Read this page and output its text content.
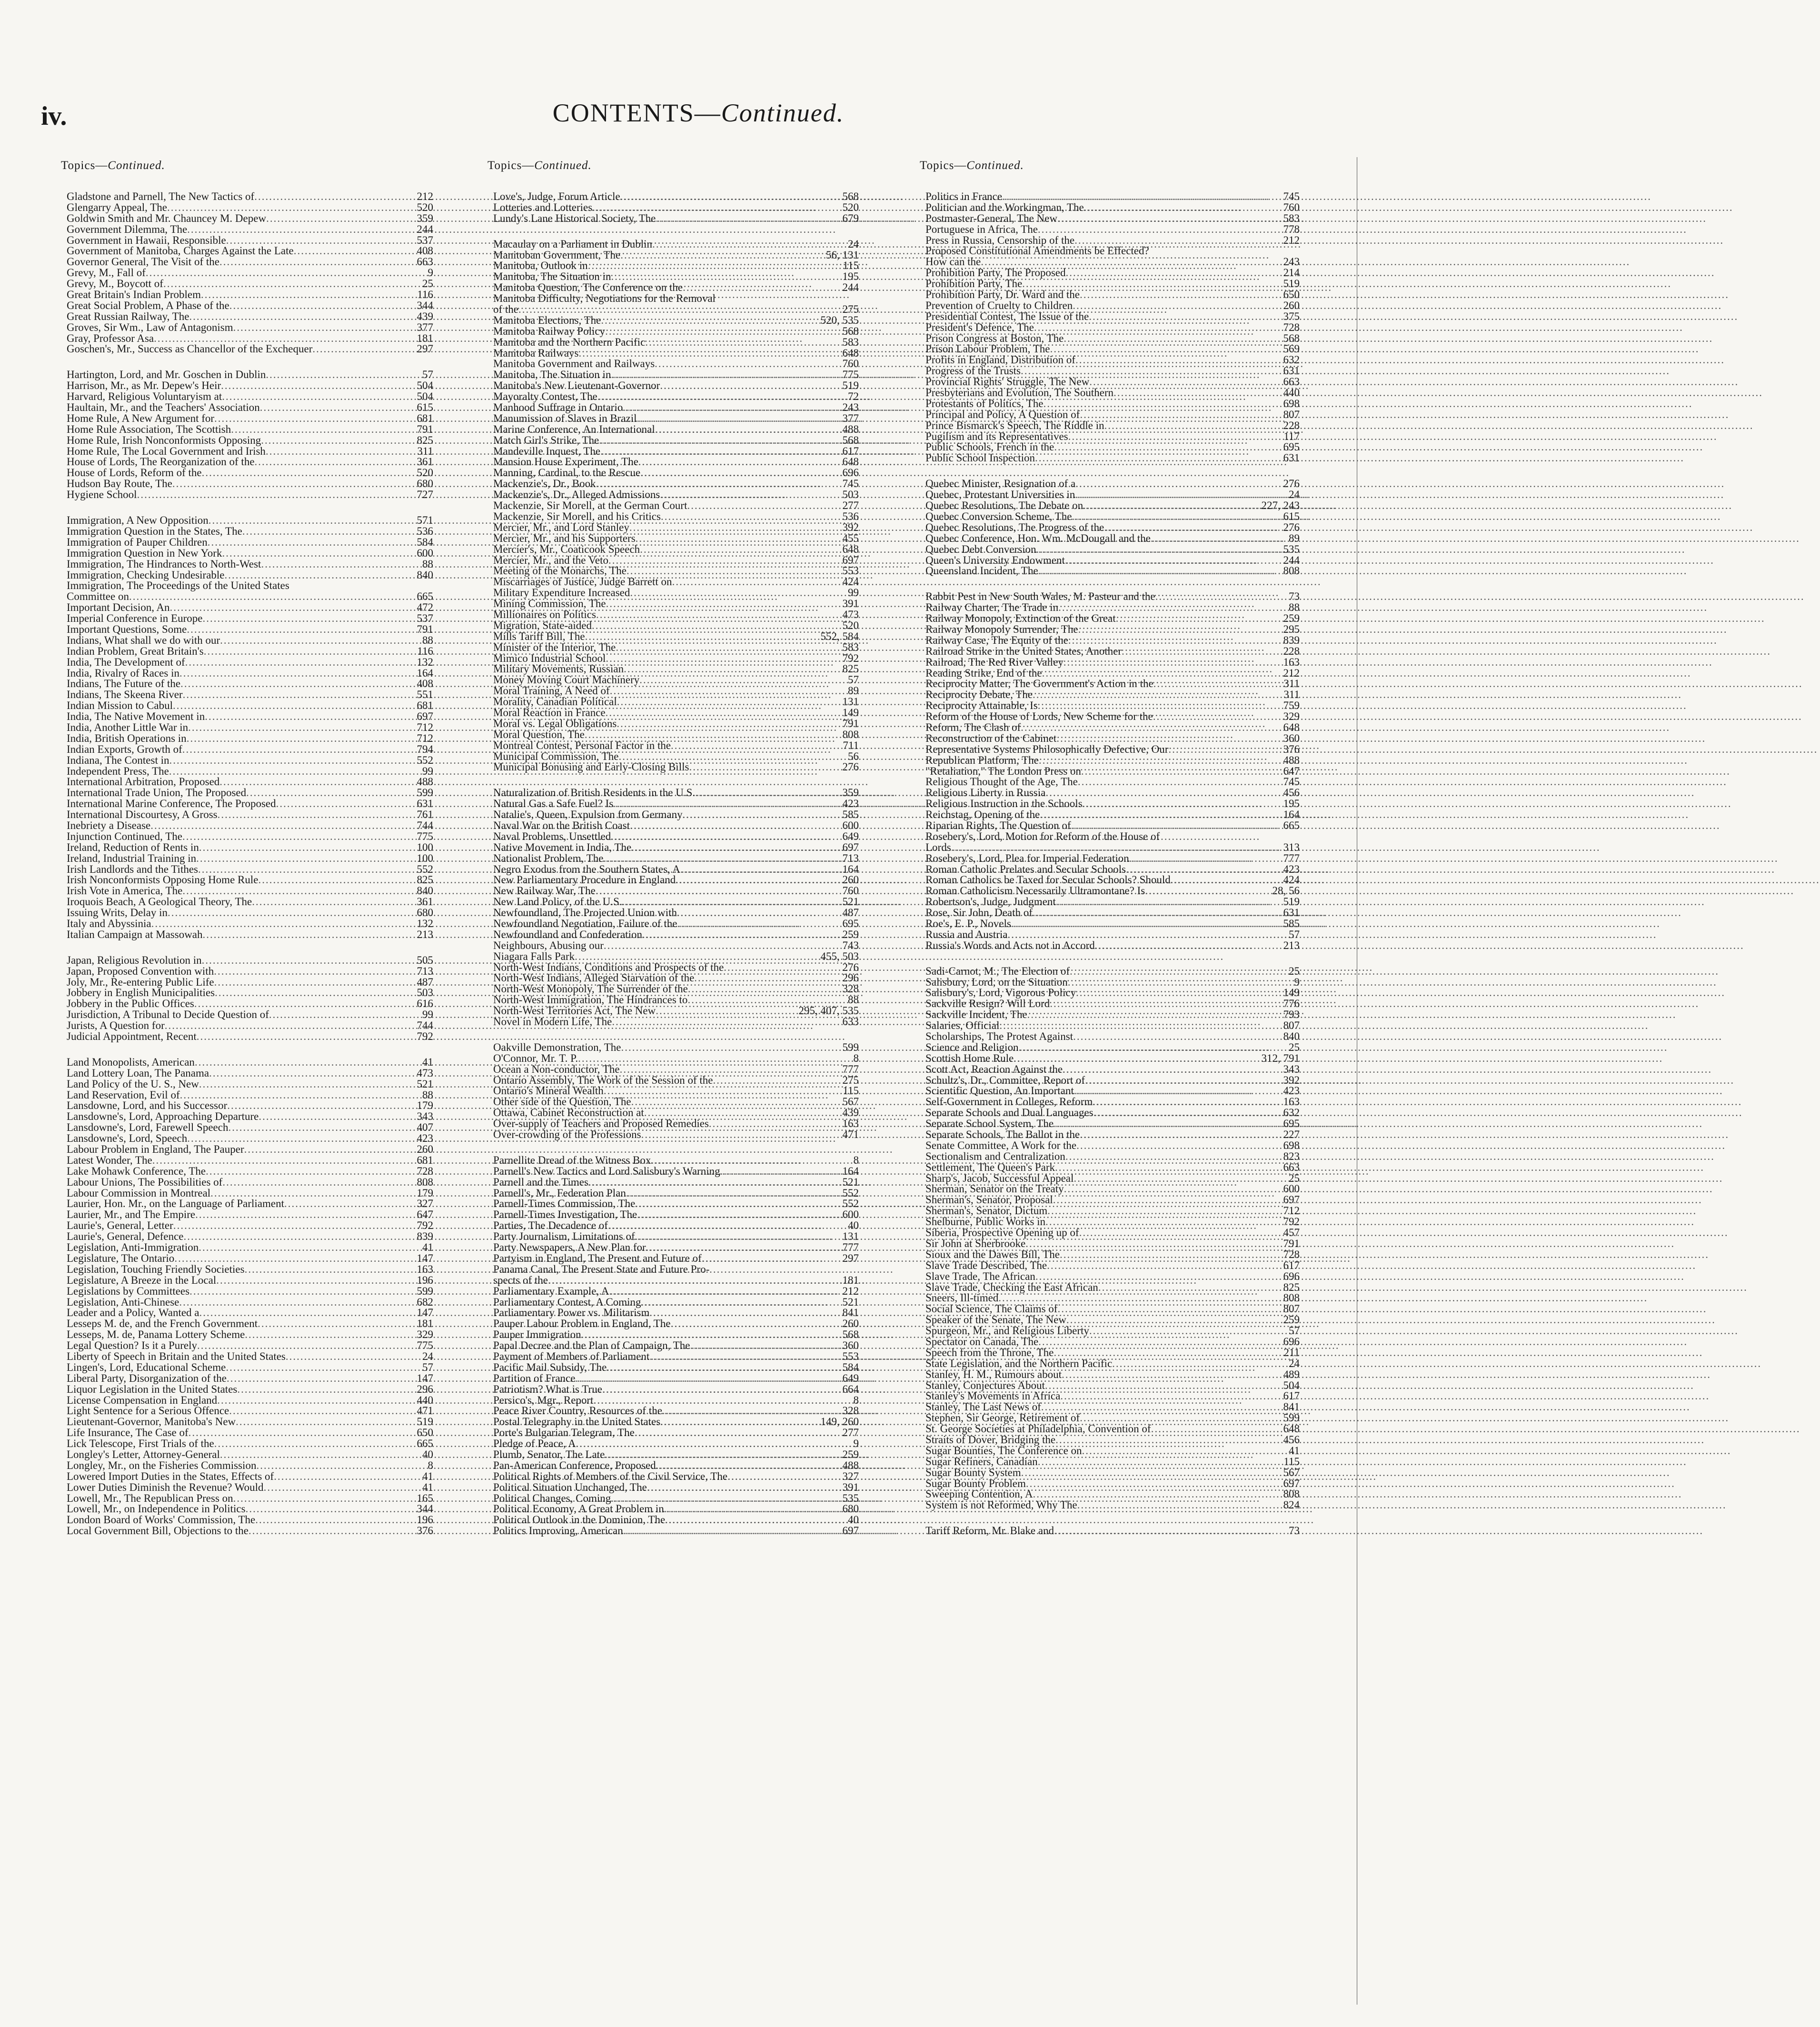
iv.	CONTENTS—Continued.
Topics—Continued.
Gladstone and Parnell, The New Tactics of .....	212
Glengarry Appeal, The .....	520
Goldwin Smith and Mr. Chauncey M. Depew .....	359
Government Dilemma, The .....	244
Government in Hawaii, Responsible .....	537
Government of Manitoba, Charges Against the Late .....	408
Governor General, The Visit of the .....	663
Grevy, M., Fall of .....	9
Grevy, M., Boycott of .....	25
Great Britain's Indian Problem .....	116
Great Social Problem, A Phase of the .....	344
Great Russian Railway, The .....	439
Groves, Sir Wm., Law of Antagonism .....	377
Gray, Professor Asa .....	181
Goschen's, Mr., Success as Chancellor of the Exchequer .....	297
Hartington, Lord, and Mr. Goschen in Dublin .....	57
Harrison, Mr., as Mr. Depew's Heir .....	504
Harvard, Religious Voluntaryism at .....	504
Haultain, Mr., and the Teachers' Association .....	615
Home Rule, A New Argument for .....	681
Home Rule Association, The Scottish .....	791
Home Rule, Irish Nonconformists Opposing .....	825
Home Rule, The Local Government and Irish .....	311
House of Lords, The Reorganization of the .....	361
House of Lords, Reform of the .....	520
Hudson Bay Route, The .....	680
Hygiene School .....	727
Immigration, A New Opposition .....	571
Immigration Question in the States, The .....	536
Immigration of Pauper Children .....	584
Immigration Question in New York .....	600
Immigration, The Hindrances to North-West .....	88
Immigration, Checking Undesirable .....	840
Immigration, The Proceedings of the United States
Committee on .....	665
Important Decision, An .....	472
Imperial Conference in Europe .....	537
Important Questions, Some .....	791
Indians, What shall we do with our .....	88
Indian Problem, Great Britain's .....	116
India, The Development of .....	132
India, Rivalry of Races in .....	164
Indians, The Future of the .....	408
Indians, The Skeena River .....	551
Indian Mission to Cabul .....	681
India, The Native Movement in .....	697
India, Another Little War in .....	712
India, British Operations in .....	712
Indian Exports, Growth of .....	794
Indiana, The Contest in .....	552
Independent Press, The .....	99
International Arbitration, Proposed .....	488
International Trade Union, The Proposed .....	599
International Marine Conference, The Proposed .....	631
International Discourtesy, A Gross .....	761
Inebriety a Disease .....	744
Injunction Continued, The .....	775
Ireland, Reduction of Rents in .....	100
Ireland, Industrial Training in .....	100
Irish Landlords and the Tithes .....	552
Irish Nonconformists Opposing Home Rule .....	825
Irish Vote in America, The .....	840
Iroquois Beach, A Geological Theory, The .....	361
Issuing Writs, Delay in .....	680
Italy and Abyssinia .....	132
Italian Campaign at Massowah .....	213
Japan, Religious Revolution in .....	505
Japan, Proposed Convention with .....	713
Joly, Mr., Re-entering Public Life .....	487
Jobbery in English Municipalities .....	503
Jobbery in the Public Offices .....	616
Jurisdiction, A Tribunal to Decide Question of .....	99
Jurists, A Question for .....	744
Judicial Appointment, Recent .....	792
Land Monopolists, American .....	41
Land Lottery Loan, The Panama .....	473
Land Policy of the U. S., New .....	521
Land Reservation, Evil of .....	88
Lansdowne, Lord, and his Successor .....	179
Lansdowne's, Lord, Approaching Departure .....	343
Lansdowne's, Lord, Farewell Speech .....	407
Lansdowne's, Lord, Speech .....	423
Labour Problem in England, The Pauper .....	260
Latest Wonder, The .....	681
Lake Mohawk Conference, The .....	728
Labour Unions, The Possibilities of .....	808
Labour Commission in Montreal .....	179
Laurier, Hon. Mr., on the Language of Parliament .....	327
Laurier, Mr., and The Empire .....	647
Laurie's, General, Letter .....	792
Laurie's, General, Defence .....	839
Legislation, Anti-Immigration .....	41
Legislature, The Ontario .....	147
Legislation, Touching Friendly Societies .....	163
Legislature, A Breeze in the Local .....	196
Legislations by Committees .....	599
Legislation, Anti-Chinese .....	682
Leader and a Policy, Wanted a .....	147
Lesseps M. de, and the French Government .....	181
Lesseps, M. de, Panama Lottery Scheme .....	329
Legal Question? Is it a Purely .....	775
Liberty of Speech in Britain and the United States .....	24
Lingen's, Lord, Educational Scheme .....	57
Liberal Party, Disorganization of the .....	147
Liquor Legislation in the United States .....	296
License Compensation in England .....	440
Light Sentence for a Serious Offence .....	471
Lieutenant-Governor, Manitoba's New .....	519
Life Insurance, The Case of .....	650
Lick Telescope, First Trials of the .....	665
Longley's Letter, Attorney-General .....	40
Longley, Mr., on the Fisheries Commission .....	8
Lowered Import Duties in the States, Effects of .....	41
Lower Duties Diminish the Revenue? Would .....	41
Lowell, Mr., The Republican Press on .....	165
Lowell, Mr., on Independence in Politics .....	344
London Board of Works' Commission, The .....	196
Local Government Bill, Objections to the .....	376
Topics—Continued.
Love's, Judge, Forum Article .....	568
Lotteries and Lotteries .....	520
Lundy's Lane Historical Society, The .....	679
Macaulay on a Parliament in Dublin .....	24
Manitoban Government, The .....	56, 131
Manitoba, Outlook in .....	115
Manitoba, The Situation in .....	195
Manitoba Question, The Conference on the .....	244
Manitoba Difficulty, Negotiations for the Removal
of the .....	275
Manitoba Elections, The .....	520, 535
Manitoba Railway Policy .....	568
Manitoba and the Northern Pacific .....	583
Manitoba Railways .....	648
Manitoba Government and Railways .....	760
Manitoba, The Situation in .....	775
Manitoba's New Lieutenant-Governor .....	519
Mayoralty Contest, The .....	72
Manhood Suffrage in Ontario .....	243
Manumission of Slaves in Brazil .....	377
Marine Conference, An International .....	488
Match Girl's Strike, The .....	568
Mandeville Inquest, The .....	617
Mansion House Experiment, The .....	648
Manning, Cardinal, to the Rescue .....	696
Mackenzie's, Dr., Book .....	745
Mackenzie's, Dr., Alleged Admissions .....	503
Mackenzie, Sir Morell, at the German Court .....	277
Mackenzie, Sir Morell, and his Critics .....	536
Mercier, Mr., and Lord Stanley .....	392
Mercier, Mr., and his Supporters .....	455
Mercier's, Mr., Coaticook Speech .....	648
Mercier, Mr., and the Veto .....	697
Meeting of the Monarchs, The .....	553
Miscarriages of Justice, Judge Barrett on .....	424
Military Expenditure Increased .....	99
Mining Commission, The .....	391
Millionaires on Politics .....	473
Migration, State-aided .....	520
Mills Tariff Bill, The .....	552, 584
Minister of the Interior, The .....	583
Mimico Industrial School .....	792
Military Movements, Russian .....	825
Money Moving Court Machinery .....	57
Moral Training, A Need of .....	89
Morality, Canadian Political .....	131
Moral Reaction in France .....	149
Moral vs. Legal Obligations .....	791
Moral Question, The .....	808
Montreal Contest, Personal Factor in the .....	711
Municipal Commission, The .....	56
Municipal Bonusing and Early-Closing Bills .....	276
Naturalization of British Residents in the U.S. .....	359
Natural Gas a Safe Fuel? Is .....	423
Natalie's, Queen, Expulsion from Germany .....	585
Naval War on the British Coast .....	600
Naval Problems, Unsettled .....	649
Native Movement in India, The .....	697
Nationalist Problem, The .....	713
Negro Exodus from the Southern States, A .....	164
New Parliamentary Procedure in England .....	260
New Railway War, The .....	760
New Land Policy, of the U.S. .....	521
Newfoundland, The Projected Union with .....	487
Newfoundland Negotiation, Failure of the .....	695
Newfoundland and Confederation .....	259
Neighbours, Abusing our .....	743
Niagara Falls Park .....	455, 503
North-West Indians, Conditions and Prospects of the .....	276
North-West Indians, Alleged Starvation of the .....	296
North-West Monopoly, The Surrender of the .....	328
North-West Immigration, The Hindrances to .....	88
North-West Territories Act, The New .....	295, 407, 535
Novel in Modern Life, The .....	633
Oakville Demonstration, The .....	599
O'Connor, Mr. T. P. .....	8
Ocean a Non-conductor, The .....	777
Ontario Assembly, The Work of the Session of the .....	275
Ontario's Mineral Wealth .....	115
Other side of the Question, The .....	567
Ottawa, Cabinet Reconstruction at .....	439
Over-supply of Teachers and Proposed Remedies .....	163
Over-crowding of the Professions .....	471
Parnellite Dread of the Witness Box .....	8
Parnell's New Tactics and Lord Salisbury's Warning .....	164
Parnell and the Times .....	521
Parnell's, Mr., Federation Plan .....	552
Parnell-Times Commission, The .....	552
Parnell-Times Investigation, The .....	600
Parties, The Decadence of .....	40
Party Journalism, Limitations of .....	131
Party Newspapers, A New Plan for .....	777
Partyism in England, The Present and Future of .....	297
Panama Canal, The Present State and Future Pro-
spects of the .....	181
Parliamentary Example, A .....	212
Parliamentary Contest, A Coming .....	521
Parliamentary Power vs. Militarism .....	841
Pauper Labour Problem in England, The .....	260
Pauper Immigration .....	568
Papal Decree and the Plan of Campaign, The .....	360
Payment of Members of Parliament .....	553
Pacific Mail Subsidy, The .....	584
Partition of France .....	649
Patriotism? What is True .....	664
Persico's, Mgr., Report .....	8
Peace River Country, Resources of the .....	328
Postal Telegraphy in the United States .....	149, 260
Porte's Bulgarian Telegram, The .....	277
Pledge of Peace, A .....	9
Plumb, Senator, The Late .....	259
Pan-American Conference, Proposed .....	488
Political Rights of Members of the Civil Service, The .....	327
Political Situation Unchanged, The .....	391
Political Changes, Coming .....	535
Political Economy, A Great Problem in .....	680
Political Outlook in the Dominion, The .....	40
Politics Improving, American .....	697
Topics—Continued.
Politics in France .....	745
Politician and the Workingman, The .....	760
Postmaster-General, The New .....	583
Portuguese in Africa, The .....	778
Press in Russia, Censorship of the .....	212
Proposed Constitutional Amendments be Effected?
How can the .....	243
Prohibition Party, The Proposed .....	214
Prohibition Party, The .....	519
Prohibition Party, Dr. Ward and the .....	650
Prevention of Cruelty to Children .....	260
Presidential Contest, The Issue of the .....	375
President's Defence, The .....	728
Prison Congress at Boston, The .....	568
Prison Labour Problem, The .....	569
Profits in England, Distribution of .....	632
Progress of the Trusts .....	631
Provincial Rights' Struggle, The New .....	663
Presbyterians and Evolution, The Southern .....	440
Protestants of Politics, The .....	698
Principal and Policy, A Question of .....	807
Prince Bismarck's Speech, The Riddle in .....	228
Pugilism and its Representatives .....	117
Public Schools, French in the .....	695
Public School Inspection .....	631
Quebec Minister, Resignation of a .....	276
Quebec, Protestant Universities in .....	24
Quebec Resolutions, The Debate on .....	227, 243
Quebec Conversion Scheme, The .....	615
Quebec Resolutions, The Progress of the .....	276
Quebec Conference, Hon. Wm. McDougall and the .....	89
Quebec Debt Conversion .....	535
Queen's University Endowment .....	244
Queensland Incident, The .....	808
Rabbit Pest in New South Wales, M. Pasteur and the .....	73
Railway Charter, The Trade in .....	88
Railway Monopoly, Extinction of the Great .....	259
Railway Monopoly Surrender, The .....	295
Railway Case, The Equity of the .....	839
Railroad Strike in the United States, Another .....	228
Railroad, The Red River Valley .....	163
Reading Strike, End of the .....	212
Reciprocity Matter, The Government's Action in the .....	311
Reciprocity Debate, The .....	311
Reciprocity Attainable, Is .....	759
Reform of the House of Lords, New Scheme for the .....	329
Reform, The Clash of .....	648
Reconstruction of the Cabinet .....	360
Representative Systems Philosophically Defective, Our .....	376
Republican Platform, The .....	488
"Retaliation," The London Press on .....	647
Religious Thought of the Age, The .....	745
Religious Liberty in Russia .....	456
Religious Instruction in the Schools .....	195
Reichstag, Opening of the .....	164
Riparian Rights, The Question of .....	665
Rosebery's, Lord, Motion for Reform of the House of
Lords .....	313
Rosebery's, Lord, Plea for Imperial Federation .....	777
Roman Catholic Prelates and Secular Schools .....	423
Roman Catholics be Taxed for Secular Schools? Should .....	424
Roman Catholicism Necessarily Ultramontane? Is .....	28, 56
Robertson's, Judge, Judgment .....	519
Rose, Sir John, Death of .....	631
Roe's, E. P., Novels .....	585
Russia and Austria .....	57
Russia's Words and Acts not in Accord .....	213
Sadi-Carnot, M., The Election of .....	25
Salisbury, Lord, on the Situation .....	9
Salisbury's, Lord, Vigorous Policy .....	149
Sackville Resign? Will Lord .....	776
Sackville Incident, The .....	793
Salaries, Official .....	807
Scholarships, The Protest Against .....	840
Science and Religion .....	25
Scottish Home Rule .....	312, 791
Scott Act, Reaction Against the .....	343
Schultz's, Dr., Committee, Report of .....	392
Scientific Question, An Important .....	423
Self-Government in Colleges, Reform .....	163
Separate Schools and Dual Languages .....	632
Separate School System, The .....	695
Separate Schools, The Ballot in the .....	227
Senate Committee, A Work for the .....	698
Sectionalism and Centralization .....	823
Settlement, The Queen's Park .....	663
Sharp's, Jacob, Successful Appeal .....	25
Sherman, Senator on the Treaty .....	600
Sherman's, Senator, Proposal .....	697
Sherman's, Senator, Dictum .....	712
Shelburne, Public Works in .....	792
Siberia, Prospective Opening up of .....	457
Sir John at Sherbrooke .....	791
Sioux and the Dawes Bill, The .....	728
Slave Trade Described, The .....	617
Slave Trade, The African .....	696
Slave Trade, Checking the East African .....	825
Sneers, Ill-timed .....	808
Social Science, The Claims of .....	807
Speaker of the Senate, The New .....	259
Spurgeon, Mr., and Religious Liberty .....	57
Spectator on Canada, The .....	696
Speech from the Throne, The .....	211
State Legislation, and the Northern Pacific .....	24
Stanley, H. M., Rumours about .....	489
Stanley, Conjectures About .....	504
Stanley's Movements in Africa .....	617
Stanley, The Last News of .....	841
Stephen, Sir George, Retirement of .....	599
St. George Societies at Philadelphia, Convention of .....	648
Straits of Dover, Bridging the .....	456
Sugar Bounties, The Conference on .....	41
Sugar Refiners, Canadian .....	115
Sugar Bounty System .....	567
Sugar Bounty Problem .....	697
Sweeping Contention, A .....	808
System is not Reformed, Why The .....	824
Tariff Reform, Mr. Blake and .....	73
